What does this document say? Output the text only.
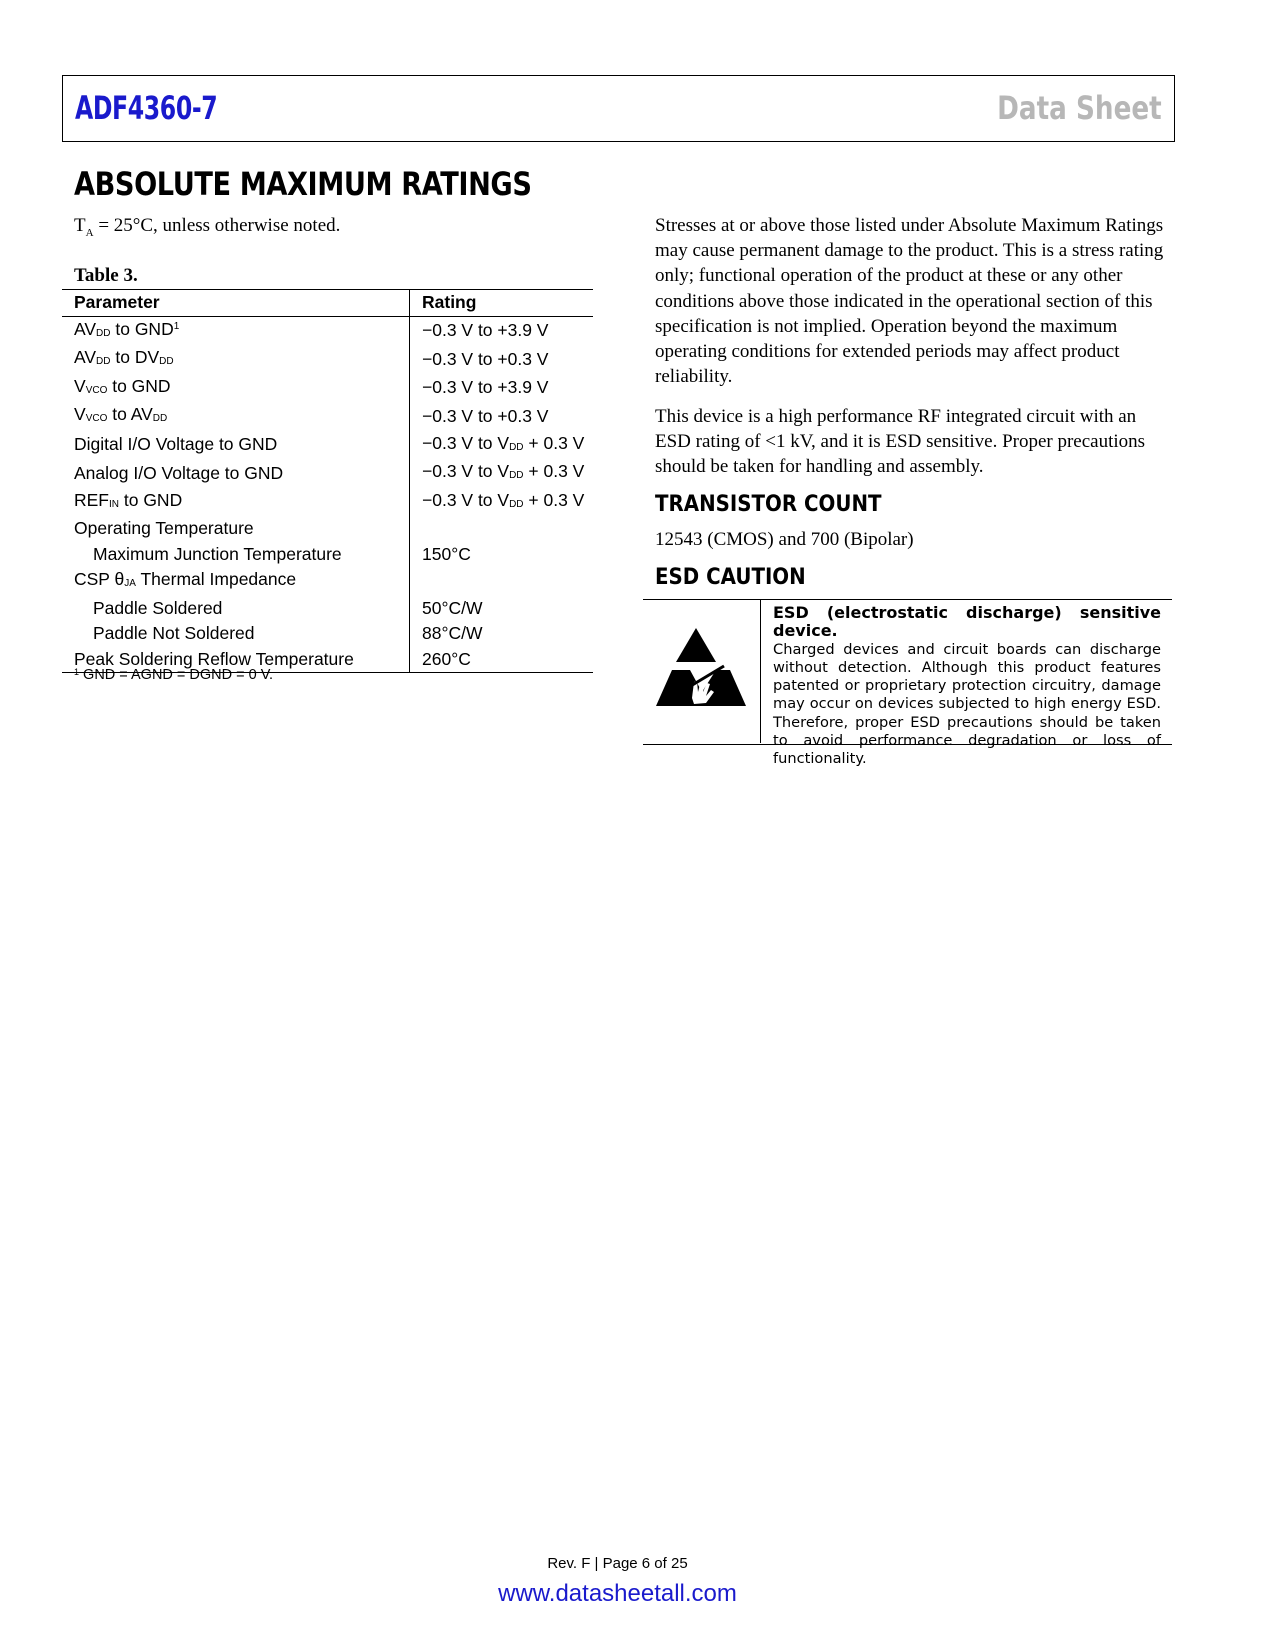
ADF4360-7	Data Sheet
ABSOLUTE MAXIMUM RATINGS
$T_A = 25^\circ C$, unless otherwise noted.
Table 3.
Parameter	Rating
$AV_{DD}$ to $GND^1$	−0.3 V to +3.9 V
$AV_{DD}$ to $DV_{DD}$	−0.3 V to +0.3 V
$V_{VCO}$ to GND	−0.3 V to +3.9 V
$V_{VCO}$ to $AV_{DD}$	−0.3 V to +0.3 V
Digital I/O Voltage to GND	−0.3 V to $V_{DD} + 0.3$ V
Analog I/O Voltage to GND	−0.3 V to $V_{DD} + 0.3$ V
$REF_{IN}$ to GND	−0.3 V to $V_{DD} + 0.3$ V
Operating Temperature	
Maximum Junction Temperature	150°C
CSP $\theta_{JA}$ Thermal Impedance	
Paddle Soldered	50°C/W
Paddle Not Soldered	88°C/W
Peak Soldering Reflow Temperature	260°C
$^1$ GND = AGND = DGND = 0 V.

Stresses at or above those listed under Absolute Maximum Ratings may cause permanent damage to the product. This is a stress rating only; functional operation of the product at these or any other conditions above those indicated in the operational section of this specification is not implied. Operation beyond the maximum operating conditions for extended periods may affect product reliability.

This device is a high performance RF integrated circuit with an ESD rating of <1 kV, and it is ESD sensitive. Proper precautions should be taken for handling and assembly.

TRANSISTOR COUNT

12543 (CMOS) and 700 (Bipolar)

ESD CAUTION
ESD (electrostatic discharge) sensitive device.
Charged devices and circuit boards can discharge without detection. Although this product features patented or proprietary protection circuitry, damage may occur on devices subjected to high energy ESD. Therefore, proper ESD precautions should be taken to avoid performance degradation or loss of functionality.
Rev. F | Page 6 of 25
www.datasheetall.com
